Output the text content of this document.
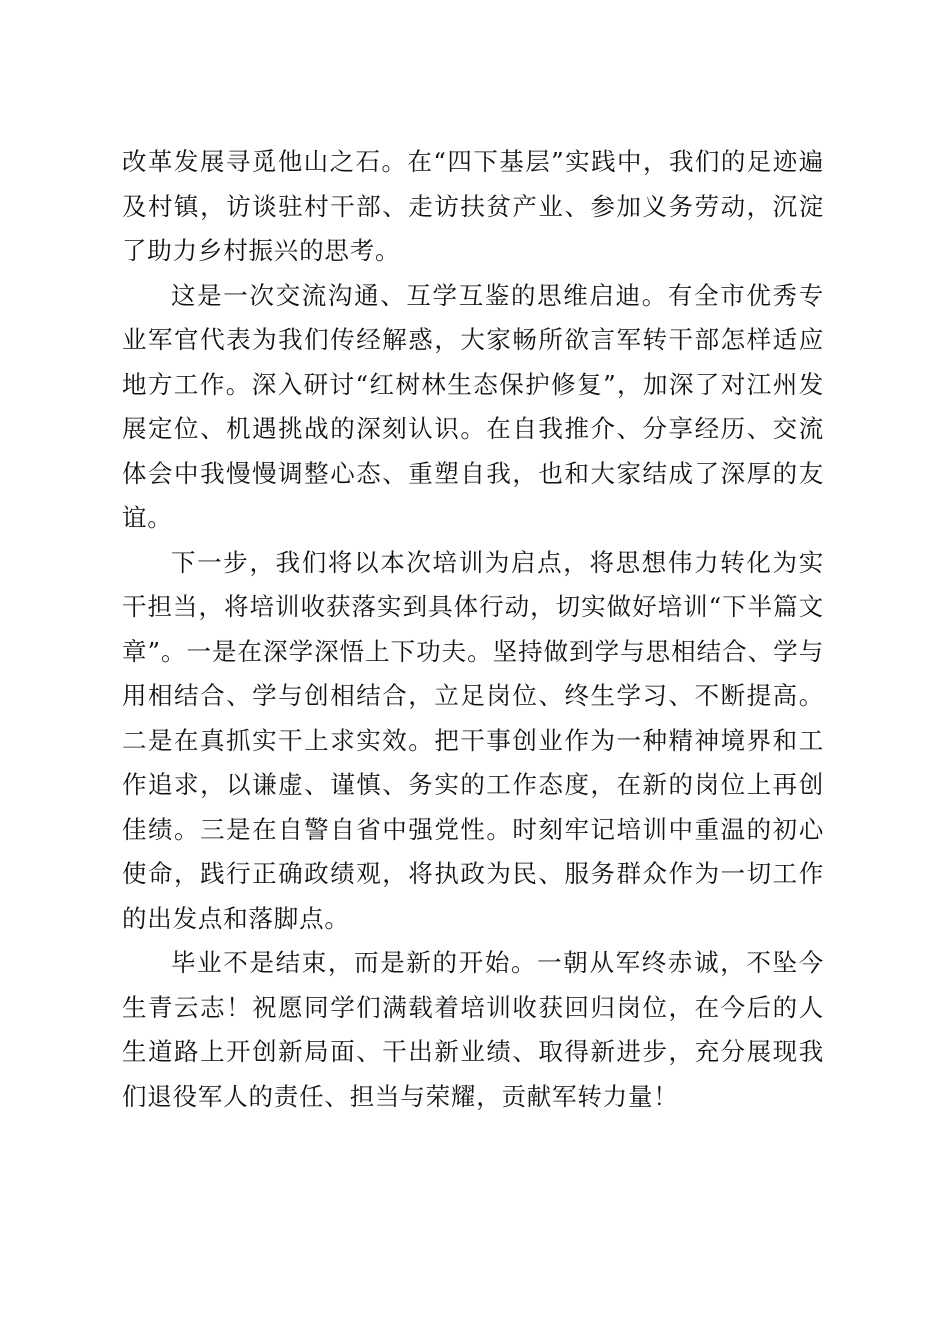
改革发展寻觅他山之石。在“四下基层”实践中，我们的足迹遍及村镇，访谈驻村干部、走访扶贫产业、参加义务劳动，沉淀了助力乡村振兴的思考。

这是一次交流沟通、互学互鉴的思维启迪。有全市优秀专业军官代表为我们传经解惑，大家畅所欲言军转干部怎样适应地方工作。深入研讨“红树林生态保护修复”，加深了对江州发展定位、机遇挑战的深刻认识。在自我推介、分享经历、交流体会中我慢慢调整心态、重塑自我，也和大家结成了深厚的友谊。

下一步，我们将以本次培训为启点，将思想伟力转化为实干担当，将培训收获落实到具体行动，切实做好培训“下半篇文章”。一是在深学深悟上下功夫。坚持做到学与思相结合、学与用相结合、学与创相结合，立足岗位、终生学习、不断提高。二是在真抓实干上求实效。把干事创业作为一种精神境界和工作追求，以谦虚、谨慎、务实的工作态度，在新的岗位上再创佳绩。三是在自警自省中强党性。时刻牢记培训中重温的初心使命，践行正确政绩观，将执政为民、服务群众作为一切工作的出发点和落脚点。

毕业不是结束，而是新的开始。一朝从军终赤诚，不坠今生青云志！祝愿同学们满载着培训收获回归岗位，在今后的人生道路上开创新局面、干出新业绩、取得新进步，充分展现我们退役军人的责任、担当与荣耀，贡献军转力量！
